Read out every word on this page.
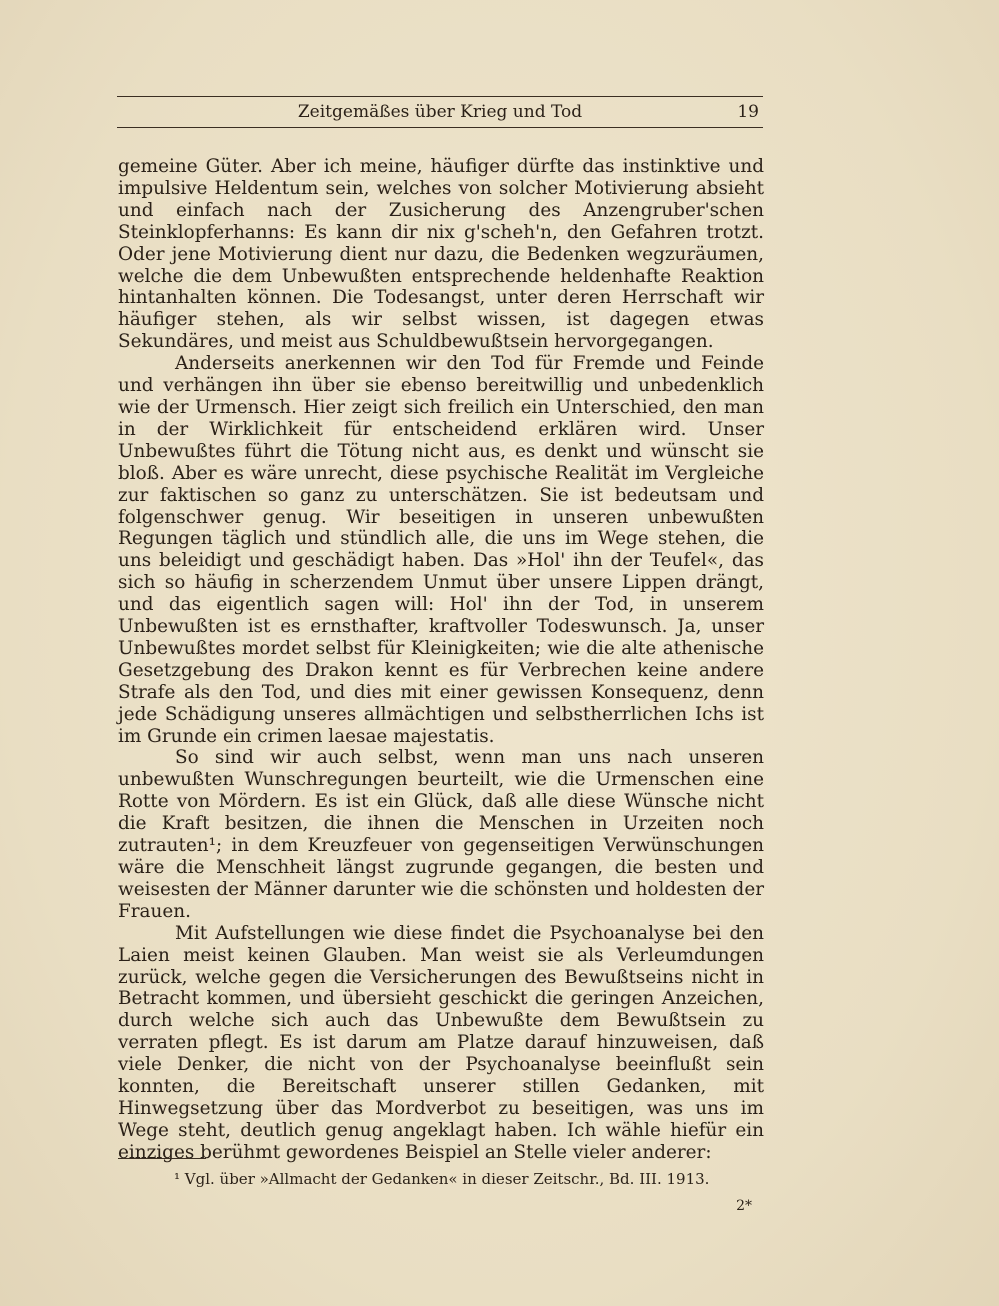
Zeitgemäßes über Krieg und Tod	19

gemeine Güter. Aber ich meine, häufiger dürfte das instinktive und impulsive Heldentum sein, welches von solcher Motivierung absieht und einfach nach der Zusicherung des Anzengruber'schen Steinklopferhanns: Es kann dir nix g'scheh'n, den Gefahren trotzt. Oder jene Motivierung dient nur dazu, die Bedenken wegzuräumen, welche die dem Unbewußten entsprechende heldenhafte Reaktion hintanhalten können. Die Todesangst, unter deren Herrschaft wir häufiger stehen, als wir selbst wissen, ist dagegen etwas Sekundäres, und meist aus Schuldbewußtsein hervorgegangen.

Anderseits anerkennen wir den Tod für Fremde und Feinde und verhängen ihn über sie ebenso bereitwillig und unbedenklich wie der Urmensch. Hier zeigt sich freilich ein Unterschied, den man in der Wirklichkeit für entscheidend erklären wird. Unser Unbewußtes führt die Tötung nicht aus, es denkt und wünscht sie bloß. Aber es wäre unrecht, diese psychische Realität im Vergleiche zur faktischen so ganz zu unterschätzen. Sie ist bedeutsam und folgenschwer genug. Wir beseitigen in unseren unbewußten Regungen täglich und stündlich alle, die uns im Wege stehen, die uns beleidigt und geschädigt haben. Das »Hol' ihn der Teufel«, das sich so häufig in scherzendem Unmut über unsere Lippen drängt, und das eigentlich sagen will: Hol' ihn der Tod, in unserem Unbewußten ist es ernsthafter, kraftvoller Todeswunsch. Ja, unser Unbewußtes mordet selbst für Kleinigkeiten; wie die alte athenische Gesetzgebung des Drakon kennt es für Verbrechen keine andere Strafe als den Tod, und dies mit einer gewissen Konsequenz, denn jede Schädigung unseres allmächtigen und selbstherrlichen Ichs ist im Grunde ein crimen laesae majestatis.

So sind wir auch selbst, wenn man uns nach unseren unbewußten Wunschregungen beurteilt, wie die Urmenschen eine Rotte von Mördern. Es ist ein Glück, daß alle diese Wünsche nicht die Kraft besitzen, die ihnen die Menschen in Urzeiten noch zutrauten¹; in dem Kreuzfeuer von gegenseitigen Verwünschungen wäre die Menschheit längst zugrunde gegangen, die besten und weisesten der Männer darunter wie die schönsten und holdesten der Frauen.

Mit Aufstellungen wie diese findet die Psychoanalyse bei den Laien meist keinen Glauben. Man weist sie als Verleumdungen zurück, welche gegen die Versicherungen des Bewußtseins nicht in Betracht kommen, und übersieht geschickt die geringen Anzeichen, durch welche sich auch das Unbewußte dem Bewußtsein zu verraten pflegt. Es ist darum am Platze darauf hinzuweisen, daß viele Denker, die nicht von der Psychoanalyse beeinflußt sein konnten, die Bereitschaft unserer stillen Gedanken, mit Hinwegsetzung über das Mordverbot zu beseitigen, was uns im Wege steht, deutlich genug angeklagt haben. Ich wähle hiefür ein einziges berühmt gewordenes Beispiel an Stelle vieler anderer:

¹ Vgl. über »Allmacht der Gedanken« in dieser Zeitschr., Bd. III. 1913.
2*
